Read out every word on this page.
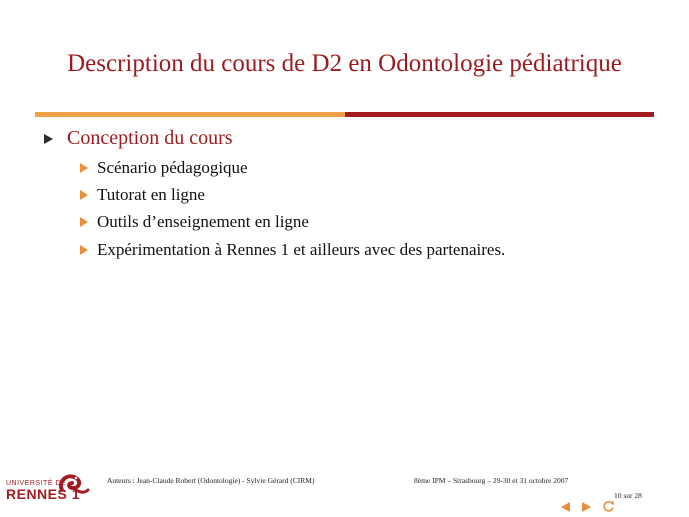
Description du cours de D2 en Odontologie pédiatrique
Conception du cours
Scénario pédagogique
Tutorat en ligne
Outils d’enseignement en ligne
Expérimentation à Rennes 1 et ailleurs avec des partenaires.
UNIVERSITÉ DE
RENNES 1
Auteurs : Jean-Claude Robert (Odontologie) - Sylvie Gérard (CIRM)	8ème IPM – Strasbourg – 29-30 et 31 octobre 2007
10 sur 28
